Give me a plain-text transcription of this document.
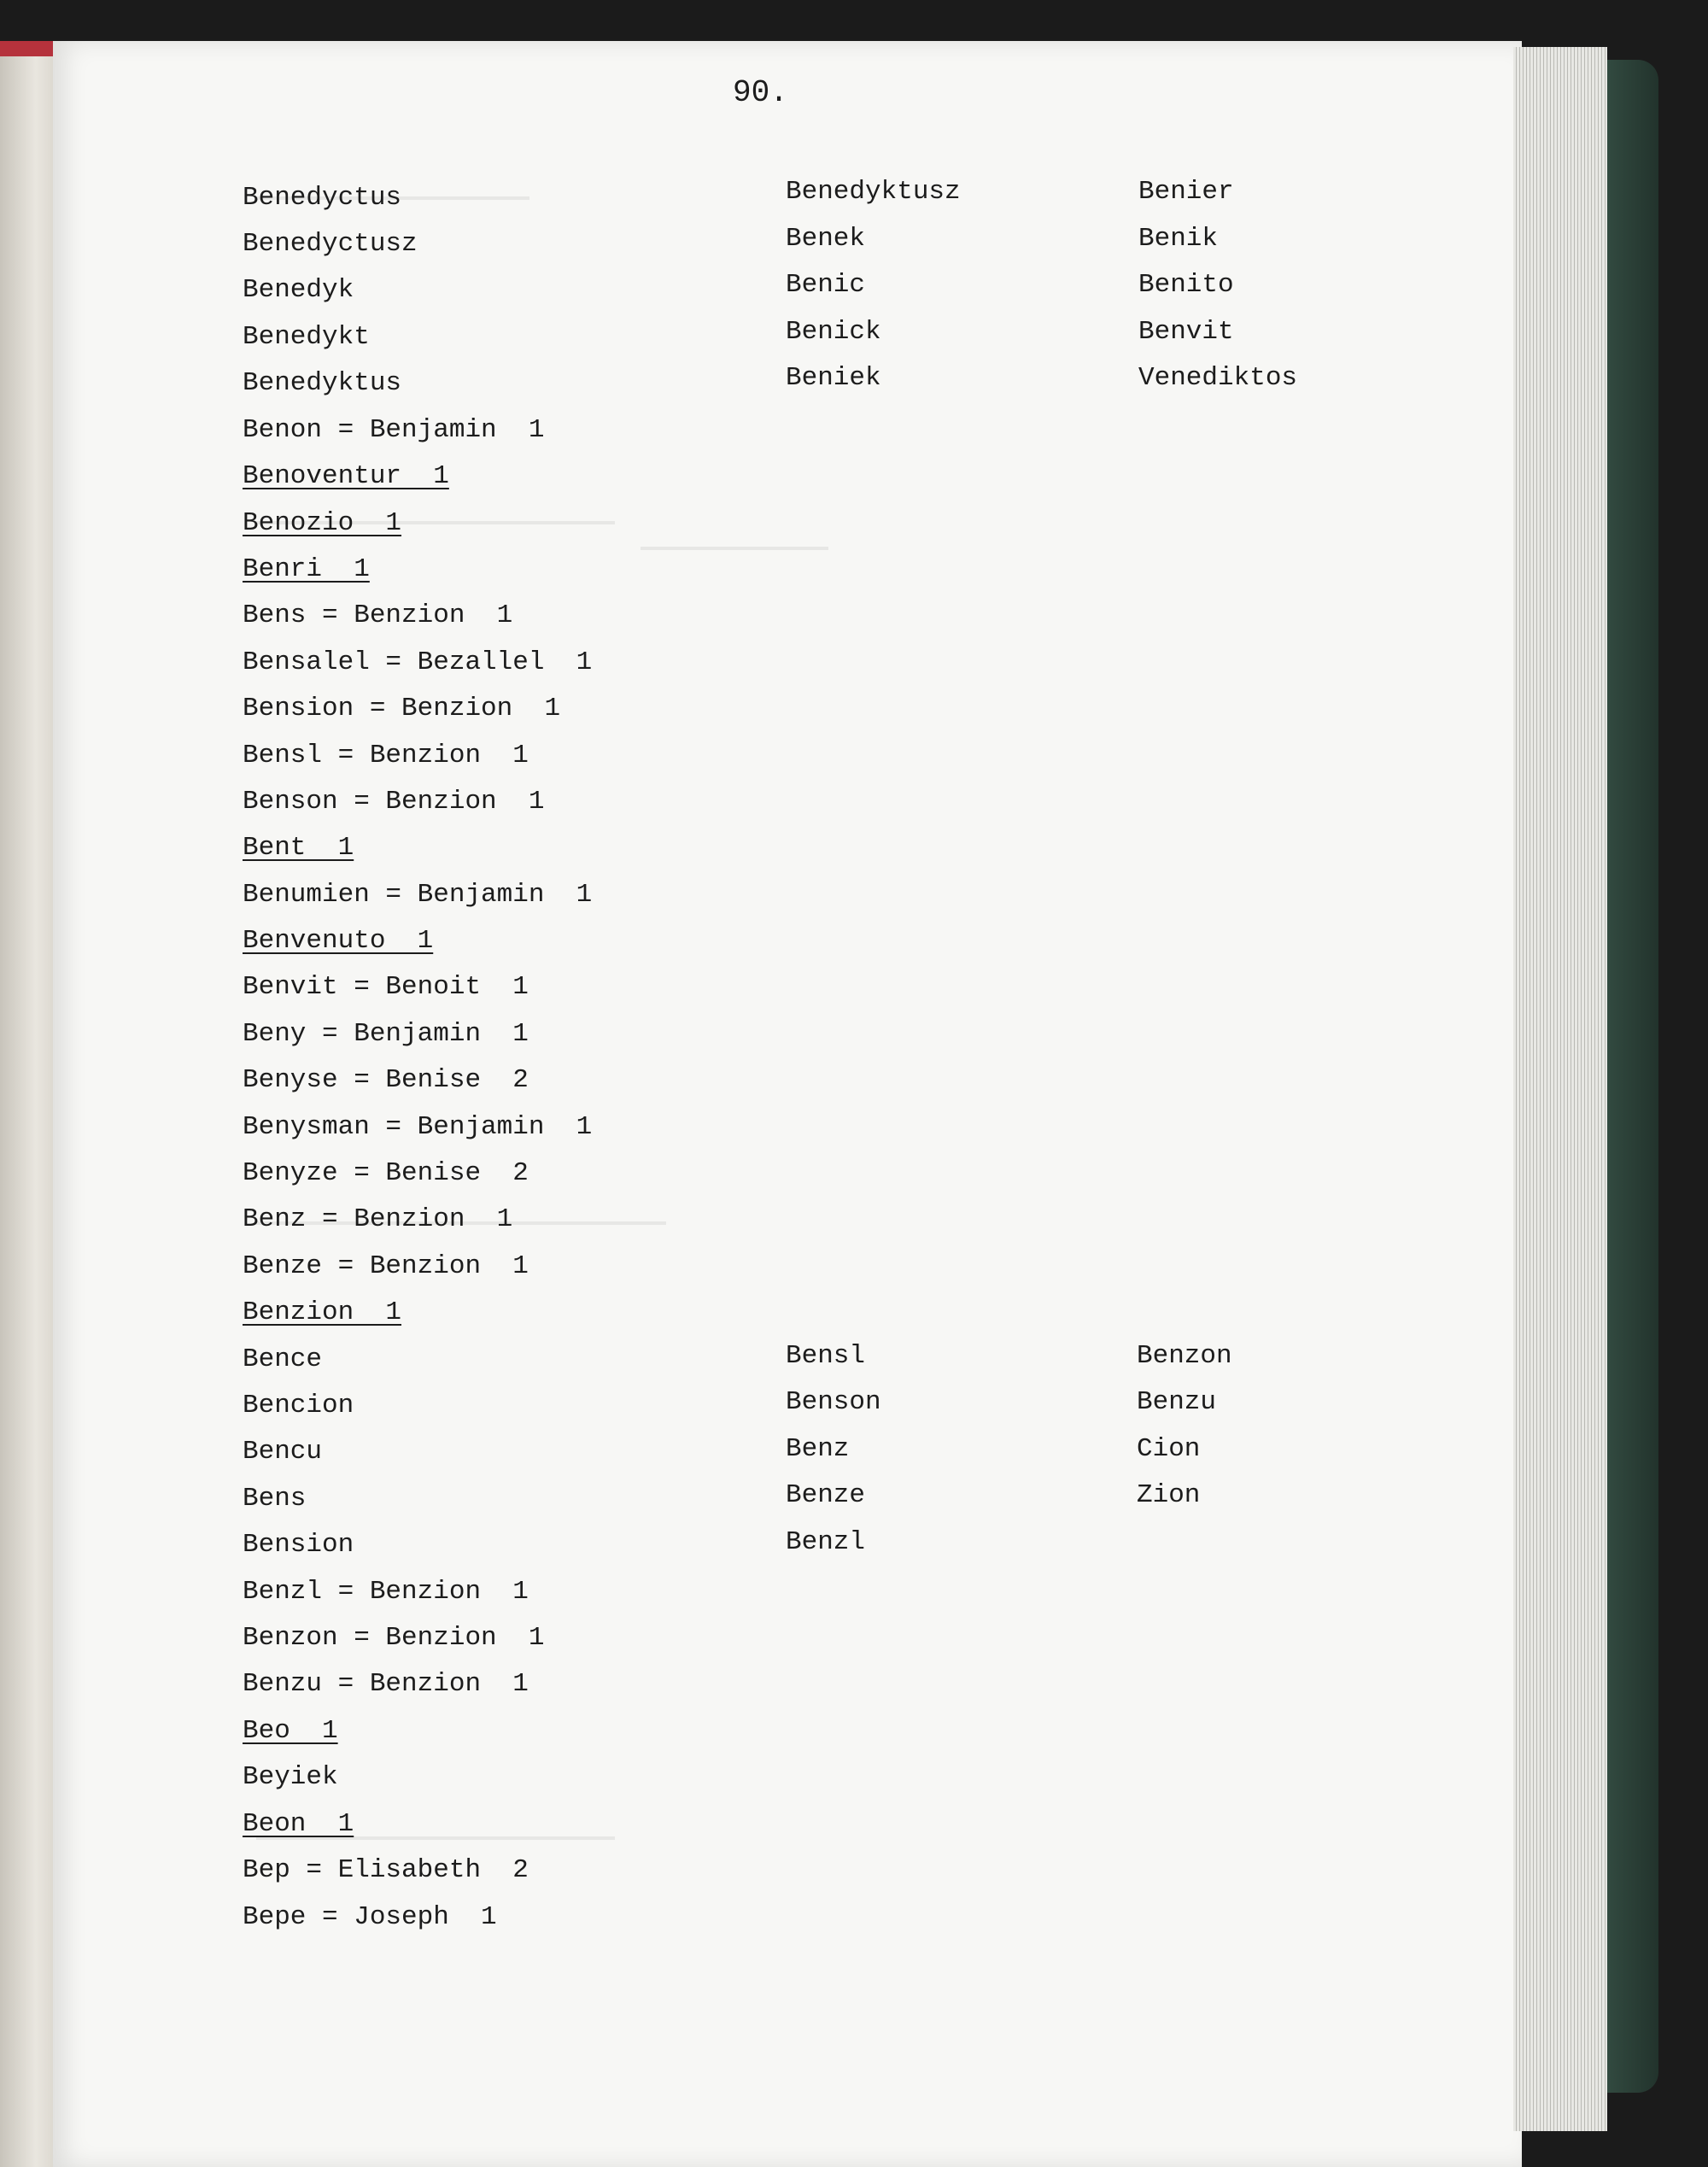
90.
Benedyctus
Benedyctusz
Benedyk
Benedykt
Benedyktus
Benon = Benjamin  1
Benoventur  1
Benozio  1
Benri  1
Bens = Benzion  1
Bensalel = Bezallel  1
Bension = Benzion  1
Bensl = Benzion  1
Benson = Benzion  1
Bent  1
Benumien = Benjamin  1
Benvenuto  1
Benvit = Benoit  1
Beny = Benjamin  1
Benyse = Benise  2
Benysman = Benjamin  1
Benyze = Benise  2
Benz = Benzion  1
Benze = Benzion  1
Benzion  1
Bence
Bencion
Bencu
Bens
Bension
Benzl = Benzion  1
Benzon = Benzion  1
Benzu = Benzion  1
Beo  1
Beyiek
Beon  1
Bep = Elisabeth  2
Bepe = Joseph  1
Benedyktusz
Benek
Benic
Benick
Beniek
Benier
Benik
Benito
Benvit
Venediktos
Bensl
Benson
Benz
Benze
Benzl
Benzon
Benzu
Cion
Zion
